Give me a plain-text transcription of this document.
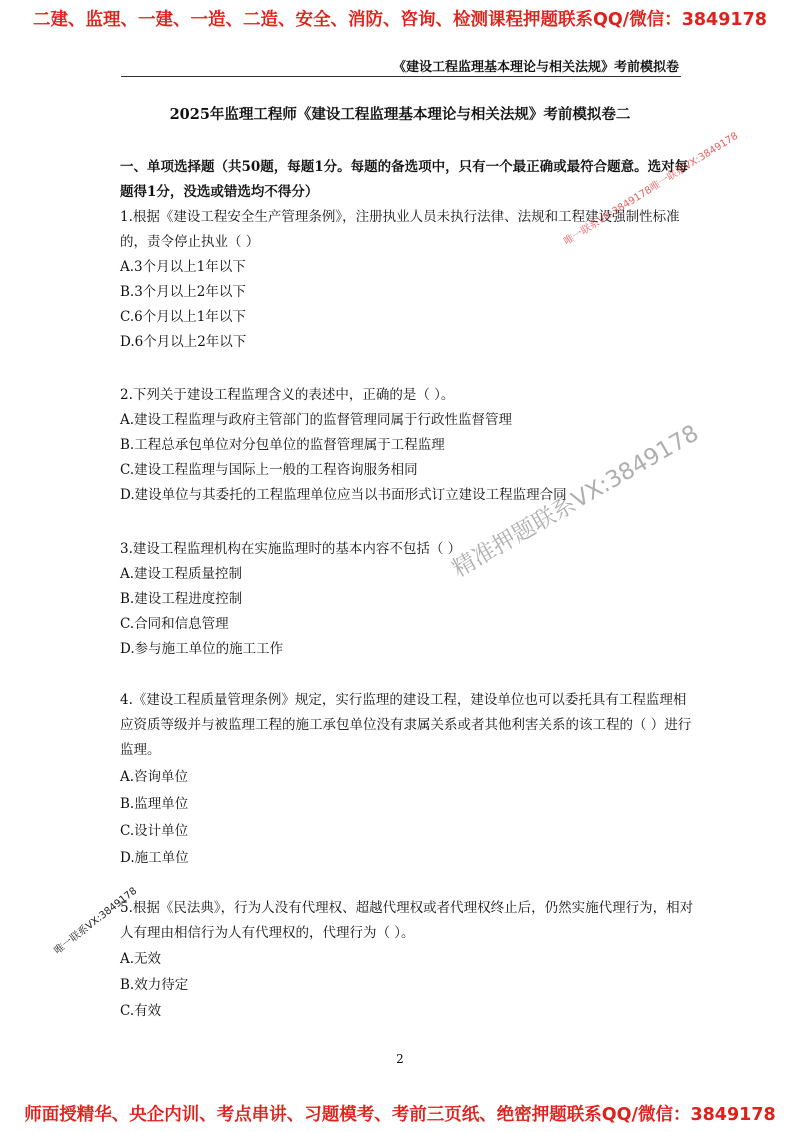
二建、监理、一建、一造、二造、安全、消防、咨询、检测课程押题联系QQ/微信：3849178
《建设工程监理基本理论与相关法规》考前模拟卷
2025年监理工程师《建设工程监理基本理论与相关法规》考前模拟卷二
一、单项选择题（共50题，每题1分。每题的备选项中，只有一个最正确或最符合题意。选对每题得1分，没选或错选均不得分）
1.根据《建设工程安全生产管理条例》，注册执业人员未执行法律、法规和工程建设强制性标准的，责令停止执业（ ）
A.3个月以上1年以下
B.3个月以上2年以下
C.6个月以上1年以下
D.6个月以上2年以下
2.下列关于建设工程监理含义的表述中，正确的是（ ）。
A.建设工程监理与政府主管部门的监督管理同属于行政性监督管理
B.工程总承包单位对分包单位的监督管理属于工程监理
C.建设工程监理与国际上一般的工程咨询服务相同
D.建设单位与其委托的工程监理单位应当以书面形式订立建设工程监理合同
3.建设工程监理机构在实施监理时的基本内容不包括（ ）
A.建设工程质量控制
B.建设工程进度控制
C.合同和信息管理
D.参与施工单位的施工工作
4.《建设工程质量管理条例》规定，实行监理的建设工程，建设单位也可以委托具有工程监理相应资质等级并与被监理工程的施工承包单位没有隶属关系或者其他利害关系的该工程的（ ）进行监理。
A.咨询单位
B.监理单位
C.设计单位
D.施工单位
5.根据《民法典》，行为人没有代理权、超越代理权或者代理权终止后，仍然实施代理行为，相对人有理由相信行为人有代理权的，代理行为（ ）。
A.无效
B.效力待定
C.有效
2
师面授精华、央企内训、考点串讲、习题模考、考前三页纸、绝密押题联系QQ/微信：3849178
精准押题联系VX:3849178
唯一联系VX:3849178唯一联系VX:3849178
唯一联系VX:3849178
